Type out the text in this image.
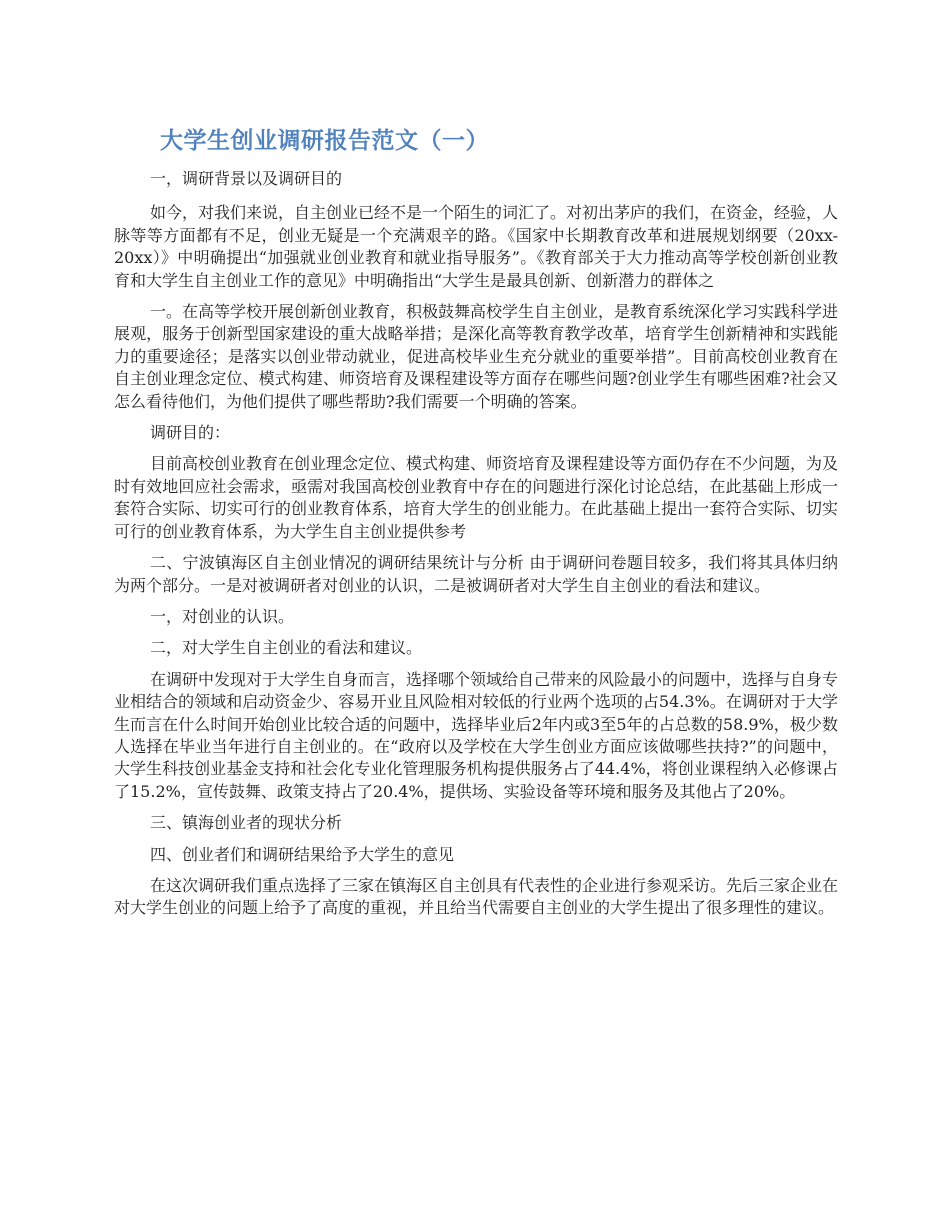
大学生创业调研报告范文（一）

一，调研背景以及调研目的

如今，对我们来说，自主创业已经不是一个陌生的词汇了。对初出茅庐的我们，在资金，经验，人脉等等方面都有不足，创业无疑是一个充满艰辛的路。《国家中长期教育改革和进展规划纲要（20xx-20xx）》中明确提出“加强就业创业教育和就业指导服务”。《教育部关于大力推动高等学校创新创业教育和大学生自主创业工作的意见》中明确指出“大学生是最具创新、创新潜力的群体之

一。在高等学校开展创新创业教育，积极鼓舞高校学生自主创业，是教育系统深化学习实践科学进展观，服务于创新型国家建设的重大战略举措；是深化高等教育教学改革，培育学生创新精神和实践能力的重要途径；是落实以创业带动就业，促进高校毕业生充分就业的重要举措”。目前高校创业教育在自主创业理念定位、模式构建、师资培育及课程建设等方面存在哪些问题?创业学生有哪些困难?社会又怎么看待他们，为他们提供了哪些帮助?我们需要一个明确的答案。

调研目的：

目前高校创业教育在创业理念定位、模式构建、师资培育及课程建设等方面仍存在不少问题，为及时有效地回应社会需求，亟需对我国高校创业教育中存在的问题进行深化讨论总结，在此基础上形成一套符合实际、切实可行的创业教育体系，培育大学生的创业能力。在此基础上提出一套符合实际、切实可行的创业教育体系，为大学生自主创业提供参考

二、宁波镇海区自主创业情况的调研结果统计与分析 由于调研问卷题目较多，我们将其具体归纳为两个部分。一是对被调研者对创业的认识，二是被调研者对大学生自主创业的看法和建议。

一，对创业的认识。

二，对大学生自主创业的看法和建议。

在调研中发现对于大学生自身而言，选择哪个领域给自己带来的风险最小的问题中，选择与自身专业相结合的领域和启动资金少、容易开业且风险相对较低的行业两个选项的占54.3%。在调研对于大学生而言在什么时间开始创业比较合适的问题中，选择毕业后2年内或3至5年的占总数的58.9%，极少数人选择在毕业当年进行自主创业的。在“政府以及学校在大学生创业方面应该做哪些扶持?”的问题中，大学生科技创业基金支持和社会化专业化管理服务机构提供服务占了44.4%，将创业课程纳入必修课占了15.2%，宣传鼓舞、政策支持占了20.4%，提供场、实验设备等环境和服务及其他占了20%。

三、镇海创业者的现状分析

四、创业者们和调研结果给予大学生的意见

在这次调研我们重点选择了三家在镇海区自主创具有代表性的企业进行参观采访。先后三家企业在对大学生创业的问题上给予了高度的重视，并且给当代需要自主创业的大学生提出了很多理性的建议。
